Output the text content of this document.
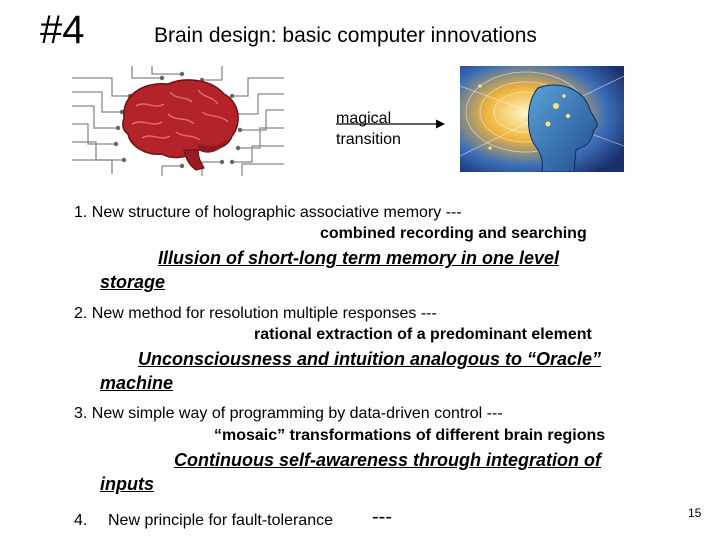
#4	Brain design: basic computer innovations
magical
transition
1. New structure of holographic associative memory ---
combined recording and searching
Illusion of short-long term memory in one level
storage
2. New method for resolution multiple responses ---
rational extraction of a predominant element
Unconsciousness and intuition analogous to “Oracle”
machine
3. New simple way of programming by data-driven control ---
“mosaic” transformations of different brain regions
Continuous self-awareness through integration of
inputs
4. New principle for fault-tolerance ---	15
